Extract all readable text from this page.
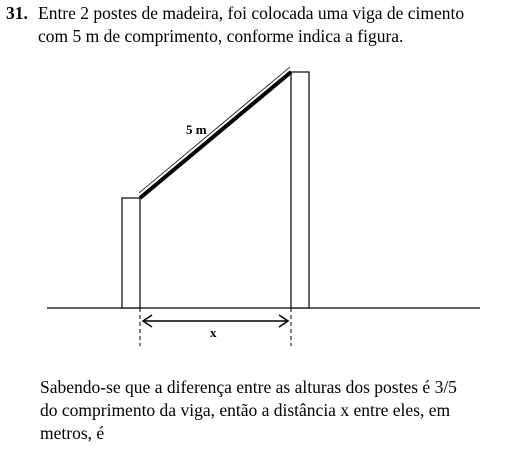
31. Entre 2 postes de madeira, foi colocada uma viga de cimento
com 5 m de comprimento, conforme indica a figura.
5 m
x
Sabendo-se que a diferença entre as alturas dos postes é 3/5
do comprimento da viga, então a distância x entre eles, em
metros, é
